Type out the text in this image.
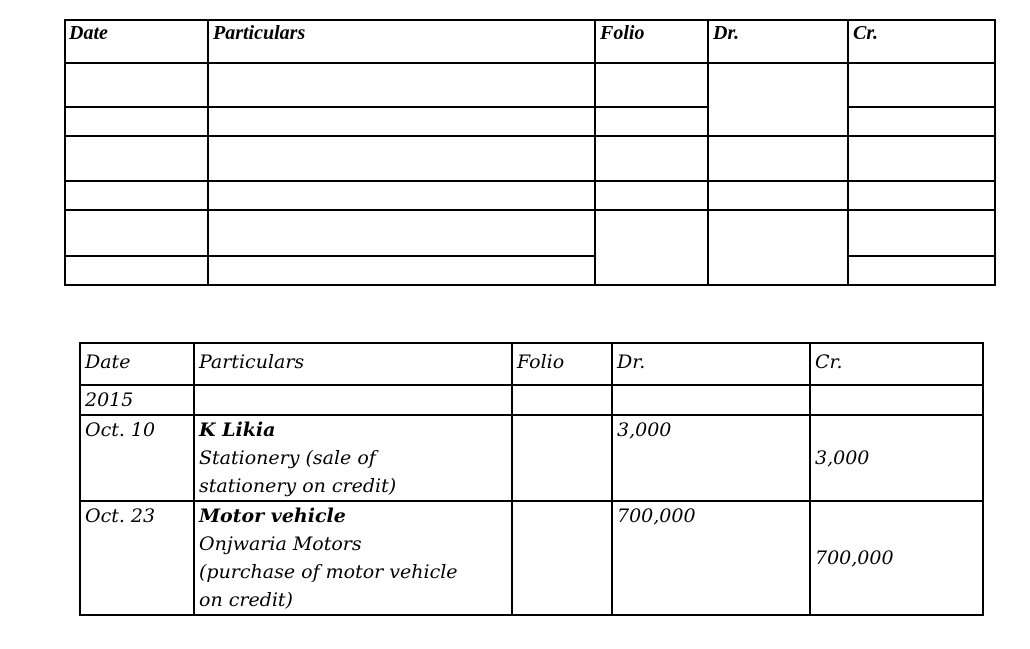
Date	Particulars	Folio	Dr.	Cr.
Date	Particulars	Folio	Dr.	Cr.
2015				
Oct. 10	K Likia
Stationery (sale of
stationery on credit)		3,000	3,000
Oct. 23	Motor vehicle
Onjwaria Motors
(purchase of motor vehicle
on credit)		700,000	700,000
